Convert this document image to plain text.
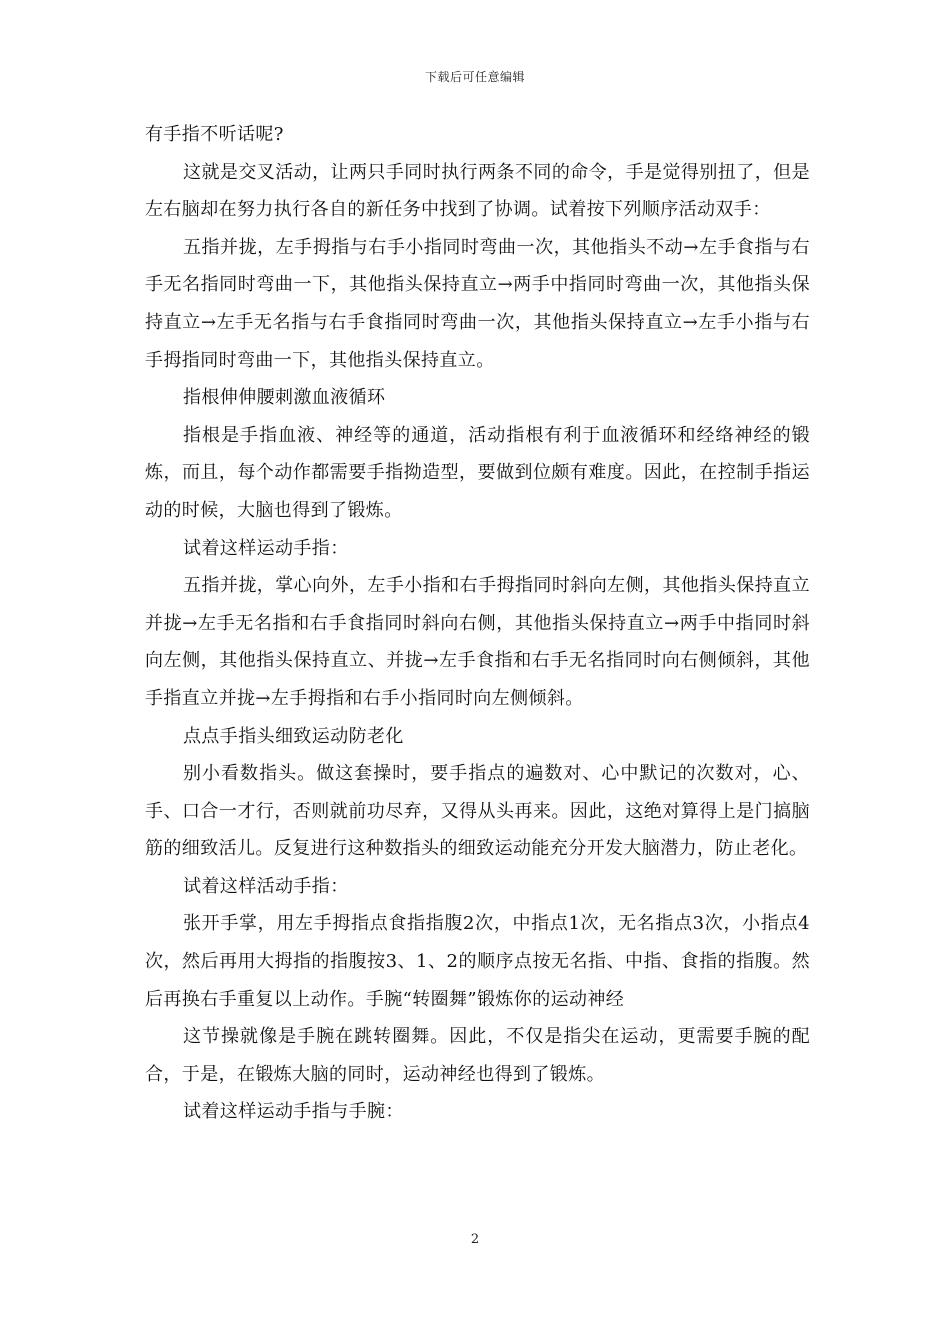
下载后可任意编辑

有手指不听话呢?

这就是交叉活动，让两只手同时执行两条不同的命令，手是觉得别扭了，但是左右脑却在努力执行各自的新任务中找到了协调。试着按下列顺序活动双手：

五指并拢，左手拇指与右手小指同时弯曲一次，其他指头不动→左手食指与右手无名指同时弯曲一下，其他指头保持直立→两手中指同时弯曲一次，其他指头保持直立→左手无名指与右手食指同时弯曲一次，其他指头保持直立→左手小指与右手拇指同时弯曲一下，其他指头保持直立。

指根伸伸腰刺激血液循环

指根是手指血液、神经等的通道，活动指根有利于血液循环和经络神经的锻炼，而且，每个动作都需要手指拗造型，要做到位颇有难度。因此，在控制手指运动的时候，大脑也得到了锻炼。

试着这样运动手指：

五指并拢，掌心向外，左手小指和右手拇指同时斜向左侧，其他指头保持直立并拢→左手无名指和右手食指同时斜向右侧，其他指头保持直立→两手中指同时斜向左侧，其他指头保持直立、并拢→左手食指和右手无名指同时向右侧倾斜，其他手指直立并拢→左手拇指和右手小指同时向左侧倾斜。

点点手指头细致运动防老化

别小看数指头。做这套操时，要手指点的遍数对、心中默记的次数对，心、手、口合一才行，否则就前功尽弃，又得从头再来。因此，这绝对算得上是门搞脑筋的细致活儿。反复进行这种数指头的细致运动能充分开发大脑潜力，防止老化。

试着这样活动手指：

张开手掌，用左手拇指点食指指腹2次，中指点1次，无名指点3次，小指点4次，然后再用大拇指的指腹按3、1、2的顺序点按无名指、中指、食指的指腹。然后再换右手重复以上动作。手腕“转圈舞”锻炼你的运动神经

这节操就像是手腕在跳转圈舞。因此，不仅是指尖在运动，更需要手腕的配合，于是，在锻炼大脑的同时，运动神经也得到了锻炼。

试着这样运动手指与手腕：

2
